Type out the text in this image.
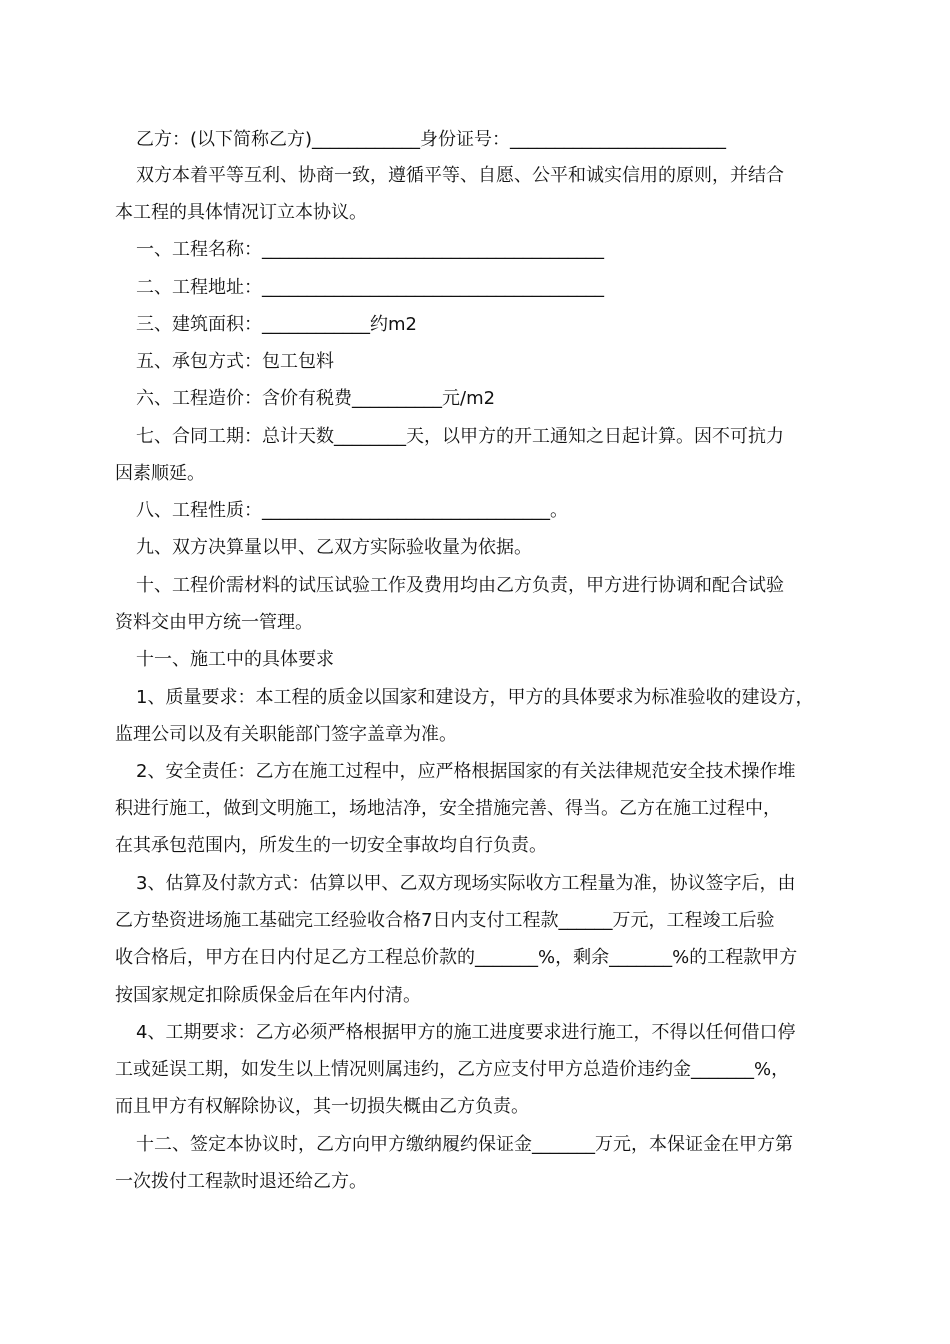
乙方：(以下简称乙方)____________身份证号：________________________
双方本着平等互利、协商一致，遵循平等、自愿、公平和诚实信用的原则，并结合
本工程的具体情况订立本协议。
一、工程名称：______________________________________
二、工程地址：______________________________________
三、建筑面积：____________约m2
五、承包方式：包工包料
六、工程造价：含价有税费__________元/m2
七、合同工期：总计天数________天，以甲方的开工通知之日起计算。因不可抗力
因素顺延。
八、工程性质：________________________________。
九、双方决算量以甲、乙双方实际验收量为依据。
十、工程价需材料的试压试验工作及费用均由乙方负责，甲方进行协调和配合试验
资料交由甲方统一管理。
十一、施工中的具体要求
1、质量要求：本工程的质金以国家和建设方，甲方的具体要求为标准验收的建设方，
监理公司以及有关职能部门签字盖章为准。
2、安全责任：乙方在施工过程中，应严格根据国家的有关法律规范安全技术操作堆
积进行施工，做到文明施工，场地洁净，安全措施完善、得当。乙方在施工过程中，
在其承包范围内，所发生的一切安全事故均自行负责。
3、估算及付款方式：估算以甲、乙双方现场实际收方工程量为准，协议签字后，由
乙方垫资进场施工基础完工经验收合格7日内支付工程款______万元，工程竣工后验
收合格后，甲方在日内付足乙方工程总价款的_______%，剩余_______%的工程款甲方
按国家规定扣除质保金后在年内付清。
4、工期要求：乙方必须严格根据甲方的施工进度要求进行施工，不得以任何借口停
工或延误工期，如发生以上情况则属违约，乙方应支付甲方总造价违约金_______%，
而且甲方有权解除协议，其一切损失概由乙方负责。
十二、签定本协议时，乙方向甲方缴纳履约保证金_______万元，本保证金在甲方第
一次拨付工程款时退还给乙方。
